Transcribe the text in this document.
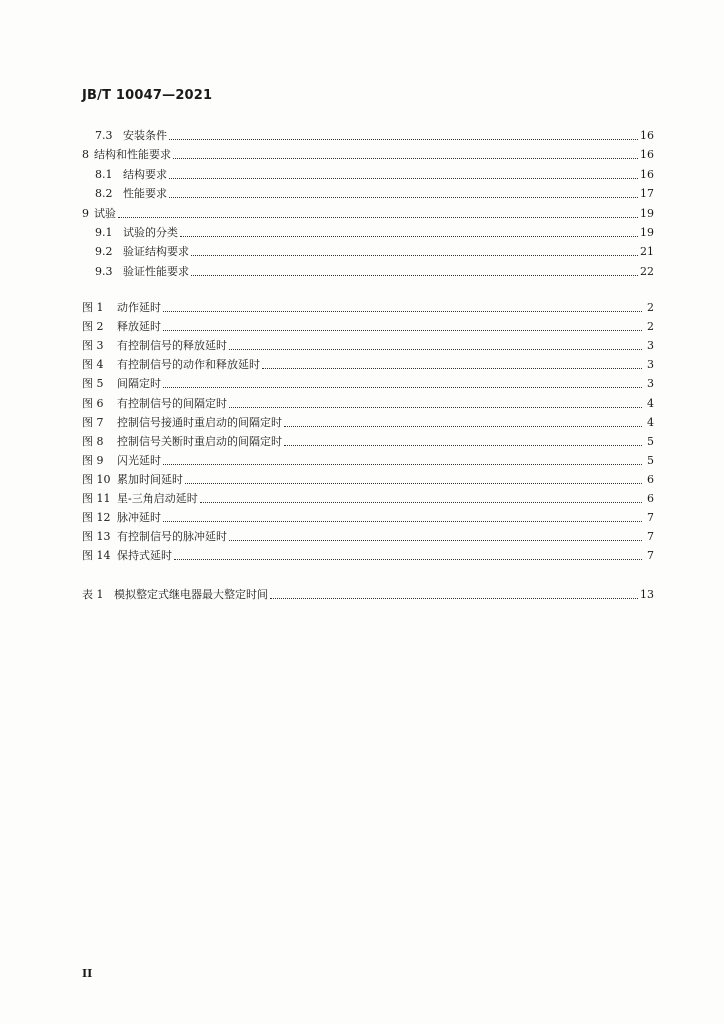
JB/T 10047—2021
7.3 安装条件	16
8 结构和性能要求	16
8.1 结构要求	16
8.2 性能要求	17
9 试验	19
9.1 试验的分类	19
9.2 验证结构要求	21
9.3 验证性能要求	22
图 1	动作延时	2
图 2	释放延时	2
图 3	有控制信号的释放延时	3
图 4	有控制信号的动作和释放延时	3
图 5	间隔定时	3
图 6	有控制信号的间隔定时	4
图 7	控制信号接通时重启动的间隔定时	4
图 8	控制信号关断时重启动的间隔定时	5
图 9	闪光延时	5
图 10 累加时间延时	6
图 11 星-三角启动延时	6
图 12 脉冲延时	7
图 13 有控制信号的脉冲延时	7
图 14 保持式延时	7
表 1 模拟整定式继电器最大整定时间	13
II
